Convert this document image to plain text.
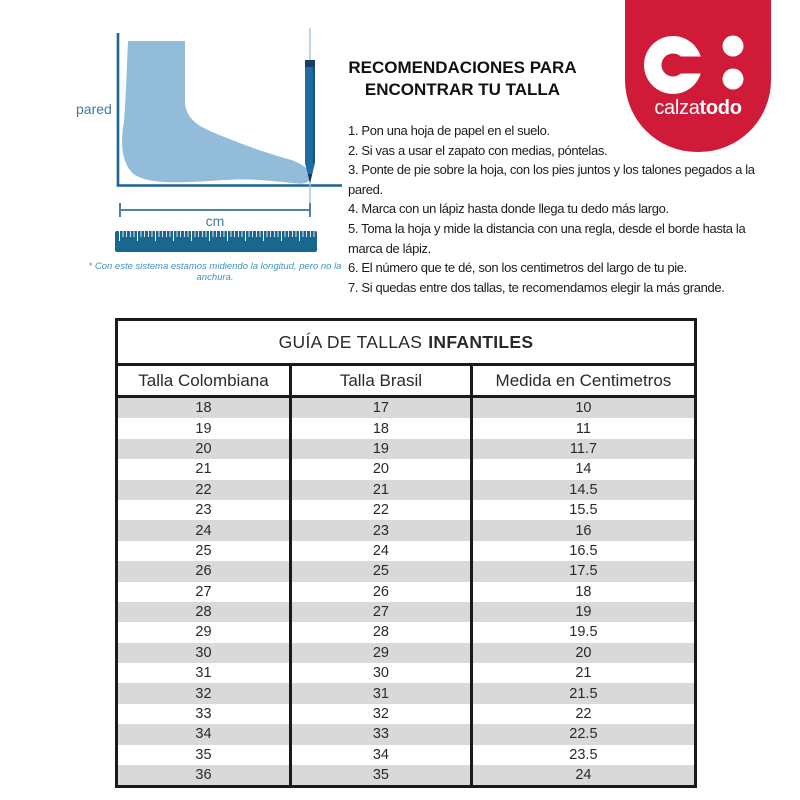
pared
cm
* Con este sistema estamos midiendo la longitud, pero no la anchura.
RECOMENDACIONES PARA
ENCONTRAR TU TALLA
1. Pon una hoja de papel en el suelo.
2. Si vas a usar el zapato con medias, póntelas.
3. Ponte de pie sobre la hoja, con los pies juntos y los talones pegados a la pared.
4. Marca con un lápiz hasta donde llega tu dedo más largo.
5. Toma la hoja y mide la distancia con una regla, desde el borde hasta la marca de lápiz.
6. El número que te dé, son los centimetros del largo de tu pie.
7. Si quedas entre dos tallas, te recomendamos elegir la más grande.
calzatodo
GUÍA DE TALLAS INFANTILES
Talla Colombiana	Talla Brasil	Medida en Centimetros
18	17	10
19	18	11
20	19	11.7
21	20	14
22	21	14.5
23	22	15.5
24	23	16
25	24	16.5
26	25	17.5
27	26	18
28	27	19
29	28	19.5
30	29	20
31	30	21
32	31	21.5
33	32	22
34	33	22.5
35	34	23.5
36	35	24
